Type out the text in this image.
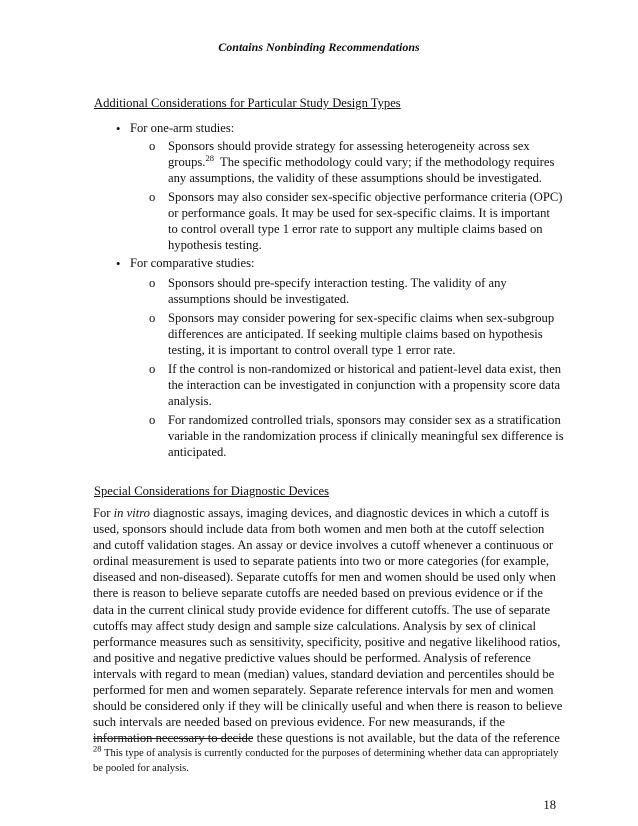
Contains Nonbinding Recommendations
Additional Considerations for Particular Study Design Types
• For one-arm studies:
o Sponsors should provide strategy for assessing heterogeneity across sex
groups.$^{28}$ The specific methodology could vary; if the methodology requires
any assumptions, the validity of these assumptions should be investigated.
o Sponsors may also consider sex-specific objective performance criteria (OPC)
or performance goals. It may be used for sex-specific claims. It is important
to control overall type 1 error rate to support any multiple claims based on
hypothesis testing.
• For comparative studies:
o Sponsors should pre-specify interaction testing. The validity of any
assumptions should be investigated.
o Sponsors may consider powering for sex-specific claims when sex-subgroup
differences are anticipated. If seeking multiple claims based on hypothesis
testing, it is important to control overall type 1 error rate.
o If the control is non-randomized or historical and patient-level data exist, then
the interaction can be investigated in conjunction with a propensity score data
analysis.
o For randomized controlled trials, sponsors may consider sex as a stratification
variable in the randomization process if clinically meaningful sex difference is
anticipated.
Special Considerations for Diagnostic Devices
For in vitro diagnostic assays, imaging devices, and diagnostic devices in which a cutoff is
used, sponsors should include data from both women and men both at the cutoff selection
and cutoff validation stages. An assay or device involves a cutoff whenever a continuous or
ordinal measurement is used to separate patients into two or more categories (for example,
diseased and non-diseased). Separate cutoffs for men and women should be used only when
there is reason to believe separate cutoffs are needed based on previous evidence or if the
data in the current clinical study provide evidence for different cutoffs. The use of separate
cutoffs may affect study design and sample size calculations. Analysis by sex of clinical
performance measures such as sensitivity, specificity, positive and negative likelihood ratios,
and positive and negative predictive values should be performed. Analysis of reference
intervals with regard to mean (median) values, standard deviation and percentiles should be
performed for men and women separately. Separate reference intervals for men and women
should be considered only if they will be clinically useful and when there is reason to believe
such intervals are needed based on previous evidence. For new measurands, if the
information necessary to decide these questions is not available, but the data of the reference
$^{28}$ This type of analysis is currently conducted for the purposes of determining whether data can appropriately
be pooled for analysis.
18
